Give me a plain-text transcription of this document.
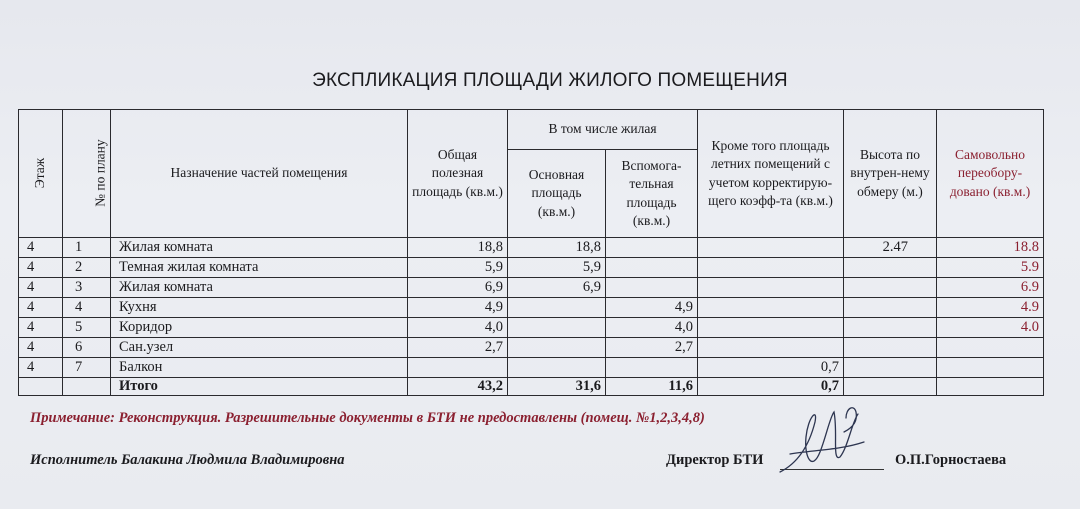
ЭКСПЛИКАЦИЯ ПЛОЩАДИ ЖИЛОГО ПОМЕЩЕНИЯ
Этаж	№ по плану	Назначение частей помещения	Общая полезная площадь (кв.м.)	В том числе жилая		Кроме того площадь летних помещений с учетом корректирую-щего коэфф-та (кв.м.)	Высота по внутрен-нему обмеру (м.)	Самовольно переобору-довано (кв.м.)
				Основная площадь (кв.м.)	Вспомога-тельная площадь (кв.м.)			
4	1	Жилая комната	18,8	18,8			2.47	18.8
4	2	Темная жилая комната	5,9	5,9				5.9
4	3	Жилая комната	6,9	6,9				6.9
4	4	Кухня	4,9		4,9			4.9
4	5	Коридор	4,0		4,0			4.0
4	6	Сан.узел	2,7		2,7			
4	7	Балкон				0,7		
		Итого	43,2	31,6	11,6	0,7		
Примечание: Реконструкция. Разрешительные документы в БТИ не предоставлены (помещ. №1,2,3,4,8)
Исполнитель Балакина Людмила Владимировна	Директор БТИ	О.П.Горностаева
